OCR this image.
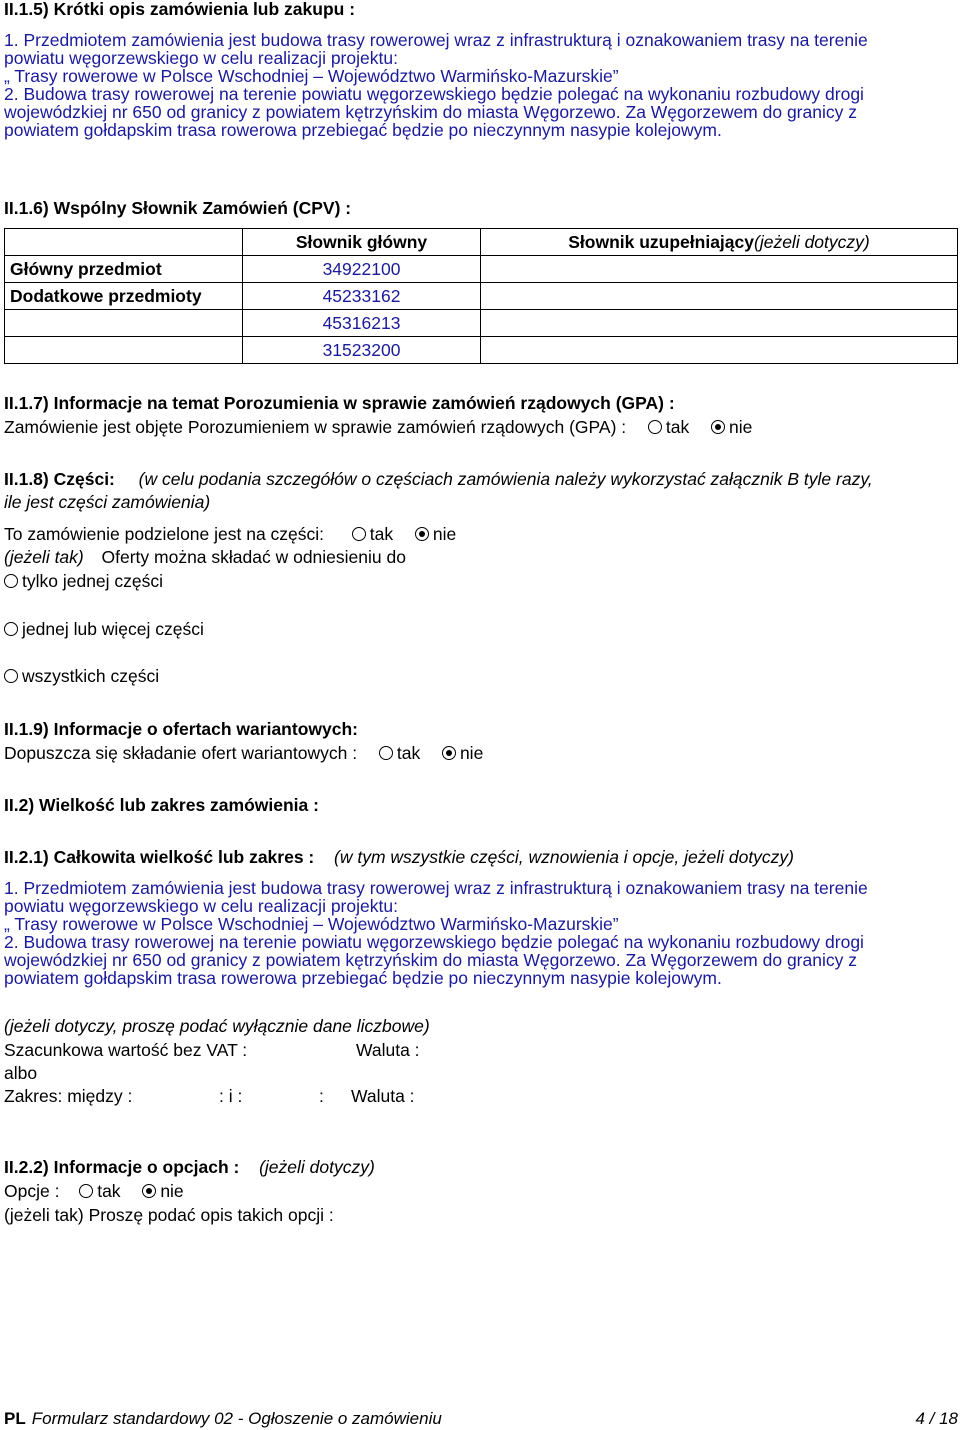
II.1.5) Krótki opis zamówienia lub zakupu :
1. Przedmiotem zamówienia jest budowa trasy rowerowej wraz z infrastrukturą i oznakowaniem trasy na terenie
powiatu węgorzewskiego w celu realizacji projektu:
„ Trasy rowerowe w Polsce Wschodniej – Województwo Warmińsko-Mazurskie”
2. Budowa trasy rowerowej na terenie powiatu węgorzewskiego będzie polegać na wykonaniu rozbudowy drogi
wojewódzkiej nr 650 od granicy z powiatem kętrzyńskim do miasta Węgorzewo. Za Węgorzewem do granicy z
powiatem gołdapskim trasa rowerowa przebiegać będzie po nieczynnym nasypie kolejowym.
II.1.6) Wspólny Słownik Zamówień (CPV) :
	Słownik główny	Słownik uzupełniający(jeżeli dotyczy)
Główny przedmiot	34922100	
Dodatkowe przedmioty	45233162	
	45316213	
	31523200	
II.1.7) Informacje na temat Porozumienia w sprawie zamówień rządowych (GPA) :
Zamówienie jest objęte Porozumieniem w sprawie zamówień rządowych (GPA) : tak nie
II.1.8) Części: (w celu podania szczegółów o częściach zamówienia należy wykorzystać załącznik B tyle razy,
ile jest części zamówienia)
To zamówienie podzielone jest na części:	tak nie
(jeżeli tak) Oferty można składać w odniesieniu do
tylko jednej części
jednej lub więcej części
wszystkich części
II.1.9) Informacje o ofertach wariantowych:
Dopuszcza się składanie ofert wariantowych : tak nie
II.2) Wielkość lub zakres zamówienia :
II.2.1) Całkowita wielkość lub zakres : (w tym wszystkie części, wznowienia i opcje, jeżeli dotyczy)
1. Przedmiotem zamówienia jest budowa trasy rowerowej wraz z infrastrukturą i oznakowaniem trasy na terenie
powiatu węgorzewskiego w celu realizacji projektu:
„ Trasy rowerowe w Polsce Wschodniej – Województwo Warmińsko-Mazurskie”
2. Budowa trasy rowerowej na terenie powiatu węgorzewskiego będzie polegać na wykonaniu rozbudowy drogi
wojewódzkiej nr 650 od granicy z powiatem kętrzyńskim do miasta Węgorzewo. Za Węgorzewem do granicy z
powiatem gołdapskim trasa rowerowa przebiegać będzie po nieczynnym nasypie kolejowym.
(jeżeli dotyczy, proszę podać wyłącznie dane liczbowe)
Szacunkowa wartość bez VAT :	Waluta :
albo
Zakres: między :	: i :	: Waluta :
II.2.2) Informacje o opcjach : (jeżeli dotyczy)
Opcje : tak nie
(jeżeli tak) Proszę podać opis takich opcji :
PL Formularz standardowy 02 - Ogłoszenie o zamówieniu	4 / 18
